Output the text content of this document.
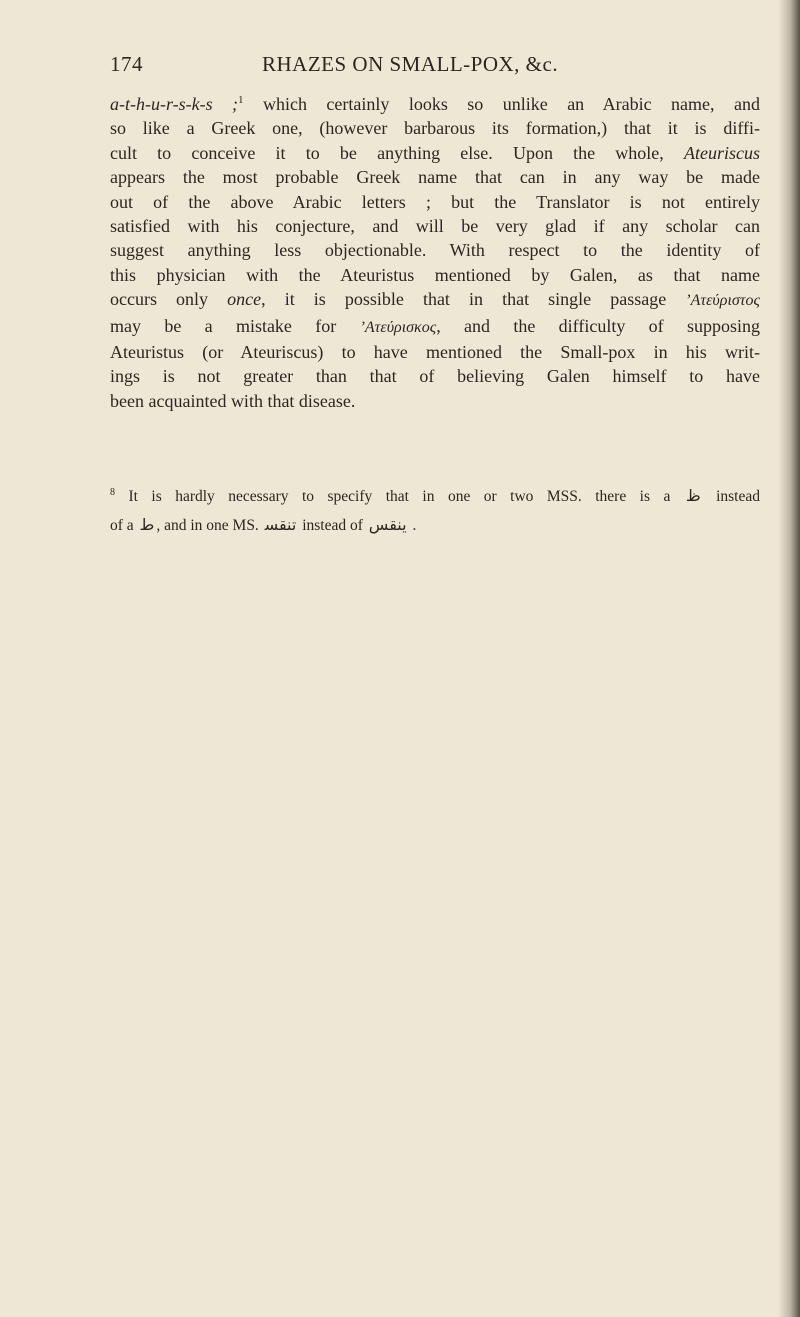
174	RHAZES ON SMALL-POX, &c.
a-t-h-u-r-s-k-s ;$^1$ which certainly looks so unlike an Arabic name, and
so like a Greek one, (however barbarous its formation,) that it is diffi-
cult to conceive it to be anything else. Upon the whole, Ateuriscus
appears the most probable Greek name that can in any way be made
out of the above Arabic letters ; but the Translator is not entirely
satisfied with his conjecture, and will be very glad if any scholar can
suggest anything less objectionable. With respect to the identity of
this physician with the Ateuristus mentioned by Galen, as that name
occurs only once, it is possible that in that single passage ’Ατεύριστος
may be a mistake for ’Ατεύρισκος, and the difficulty of supposing
Ateuristus (or Ateuriscus) to have mentioned the Small-pox in his writ-
ings is not greater than that of believing Galen himself to have
been acquainted with that disease.
$^8$ It is hardly necessary to specify that in one or two MSS. there is a ظ instead
of a ط , and in one MS. ﺗﻨﻘﺴ instead of ﻳﻨﻘﺲ .
